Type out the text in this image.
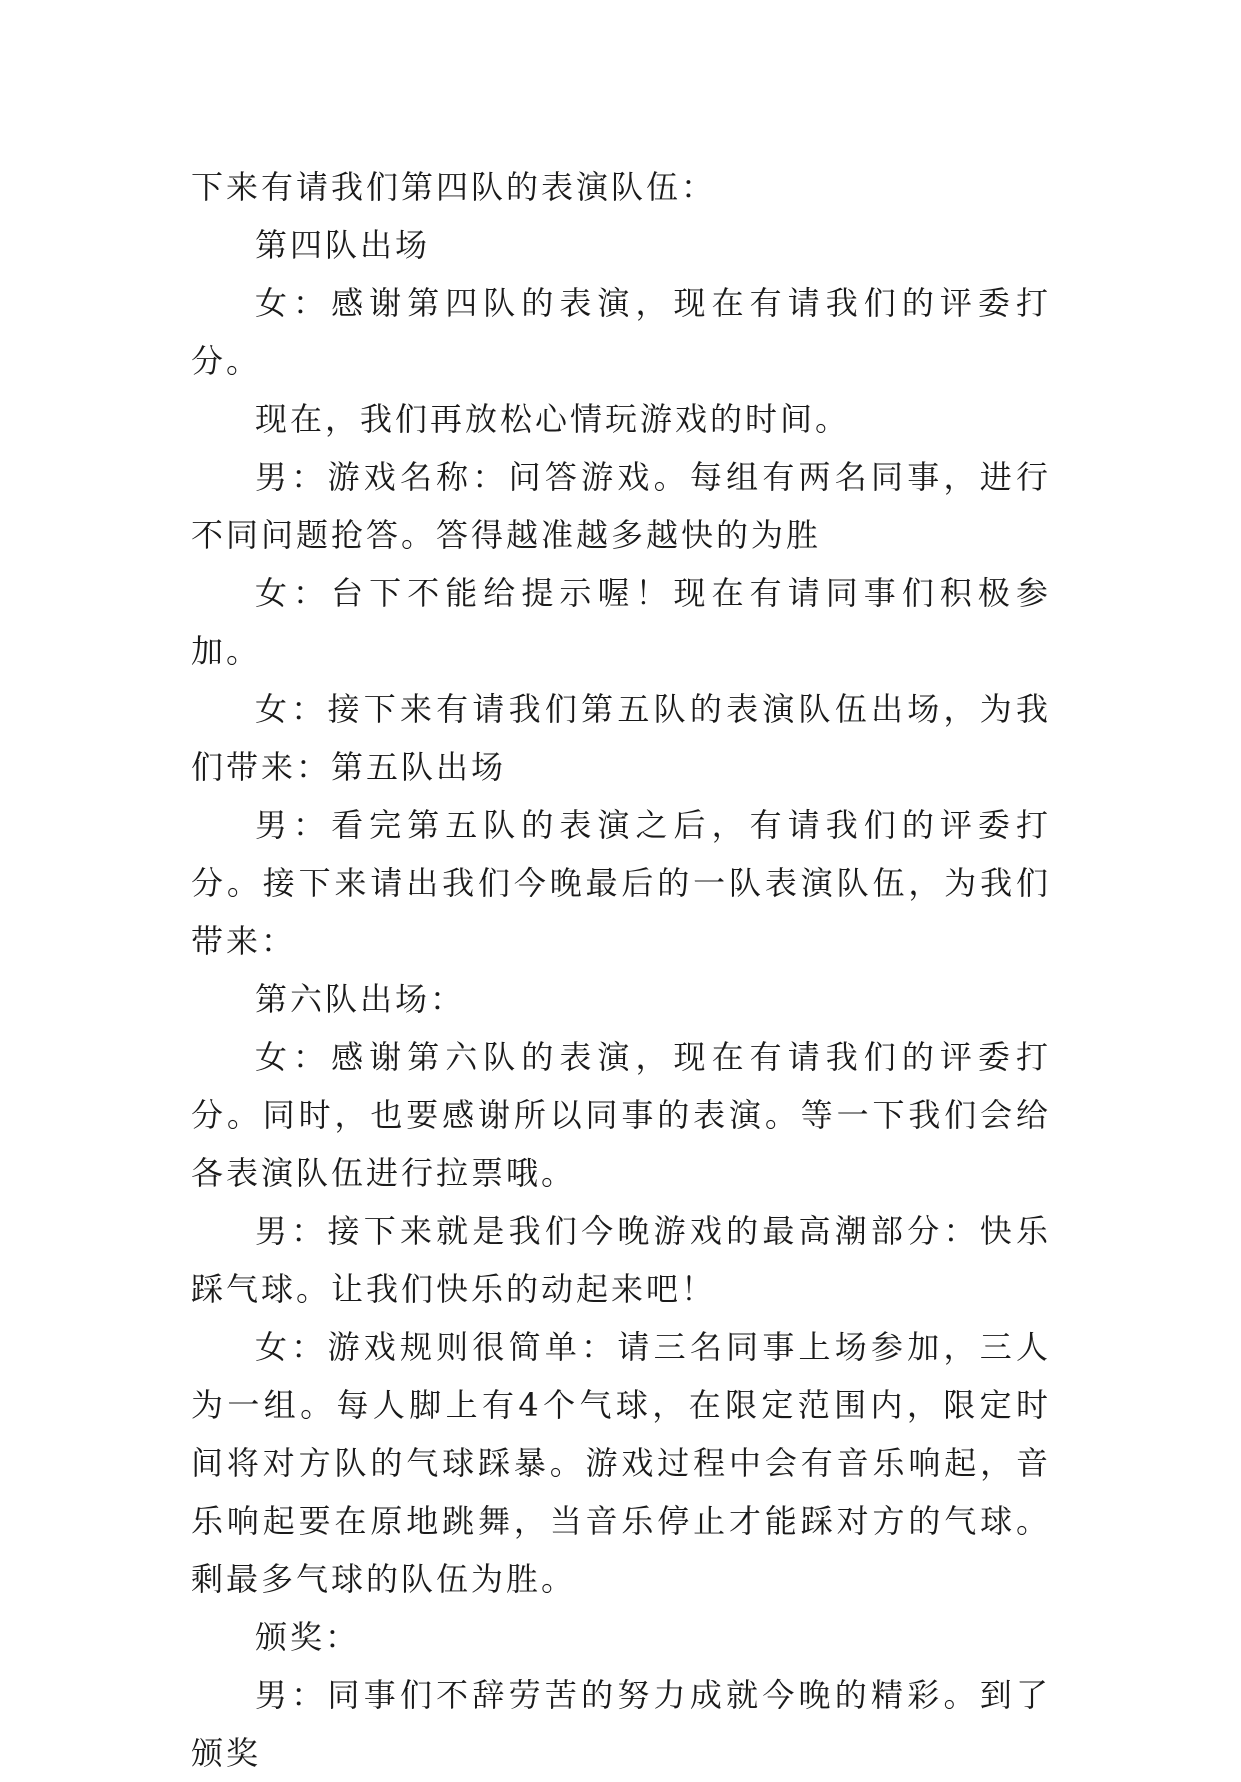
下来有请我们第四队的表演队伍：

第四队出场

女：感谢第四队的表演，现在有请我们的评委打分。

现在，我们再放松心情玩游戏的时间。

男：游戏名称：问答游戏。每组有两名同事，进行不同问题抢答。答得越准越多越快的为胜

女：台下不能给提示喔！现在有请同事们积极参加。

女：接下来有请我们第五队的表演队伍出场，为我们带来：第五队出场

男：看完第五队的表演之后，有请我们的评委打分。接下来请出我们今晚最后的一队表演队伍，为我们带来：

第六队出场：

女：感谢第六队的表演，现在有请我们的评委打分。同时，也要感谢所以同事的表演。等一下我们会给各表演队伍进行拉票哦。

男：接下来就是我们今晚游戏的最高潮部分：快乐踩气球。让我们快乐的动起来吧！

女：游戏规则很简单：请三名同事上场参加，三人为一组。每人脚上有4个气球，在限定范围内，限定时间将对方队的气球踩暴。游戏过程中会有音乐响起，音乐响起要在原地跳舞，当音乐停止才能踩对方的气球。剩最多气球的队伍为胜。

颁奖：

男：同事们不辞劳苦的努力成就今晚的精彩。到了颁奖
